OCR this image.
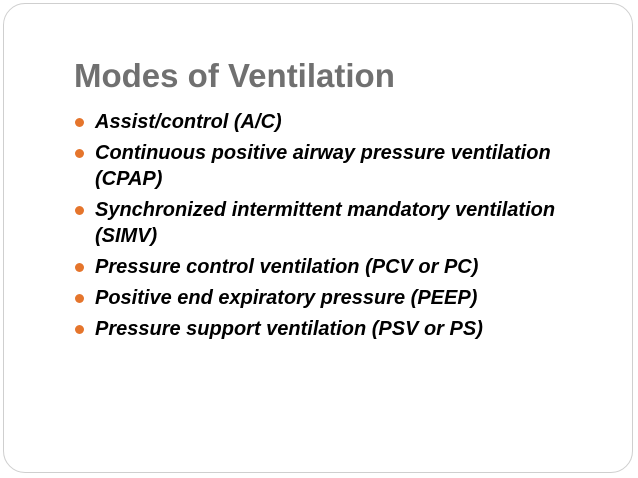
Modes of Ventilation
Assist/control (A/C)
Continuous positive airway pressure ventilation (CPAP)
Synchronized intermittent mandatory ventilation (SIMV)
Pressure control ventilation (PCV or PC)
Positive end expiratory pressure (PEEP)
Pressure support ventilation (PSV or PS)
